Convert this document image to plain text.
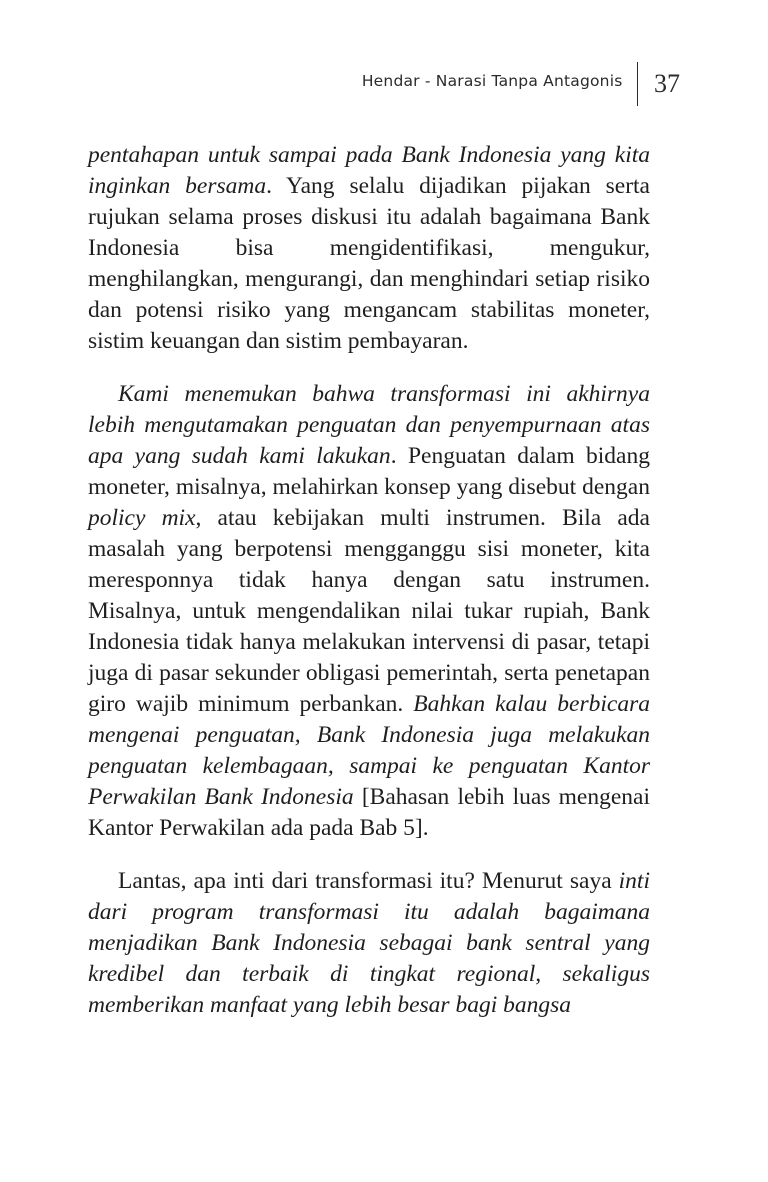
Hendar - Narasi Tanpa Antagonis	37

pentahapan untuk sampai pada Bank Indonesia yang kita inginkan bersama. Yang selalu dijadikan pijakan serta rujukan selama proses diskusi itu adalah bagaimana Bank Indonesia bisa mengidentifikasi, mengukur, menghilangkan, mengurangi, dan menghindari setiap risiko dan potensi risiko yang mengancam stabilitas moneter, sistim keuangan dan sistim pembayaran.

Kami menemukan bahwa transformasi ini akhirnya lebih mengutamakan penguatan dan penyempurnaan atas apa yang sudah kami lakukan. Penguatan dalam bidang moneter, misalnya, melahirkan konsep yang disebut dengan policy mix, atau kebijakan multi instrumen. Bila ada masalah yang berpotensi mengganggu sisi moneter, kita meresponnya tidak hanya dengan satu instrumen. Misalnya, untuk mengendalikan nilai tukar rupiah, Bank Indonesia tidak hanya melakukan intervensi di pasar, tetapi juga di pasar sekunder obligasi pemerintah, serta penetapan giro wajib minimum perbankan. Bahkan kalau berbicara mengenai penguatan, Bank Indonesia juga melakukan penguatan kelembagaan, sampai ke penguatan Kantor Perwakilan Bank Indonesia [Bahasan lebih luas mengenai Kantor Perwakilan ada pada Bab 5].

Lantas, apa inti dari transformasi itu? Menurut saya inti dari program transformasi itu adalah bagaimana menjadikan Bank Indonesia sebagai bank sentral yang kredibel dan terbaik di tingkat regional, sekaligus memberikan manfaat yang lebih besar bagi bangsa
